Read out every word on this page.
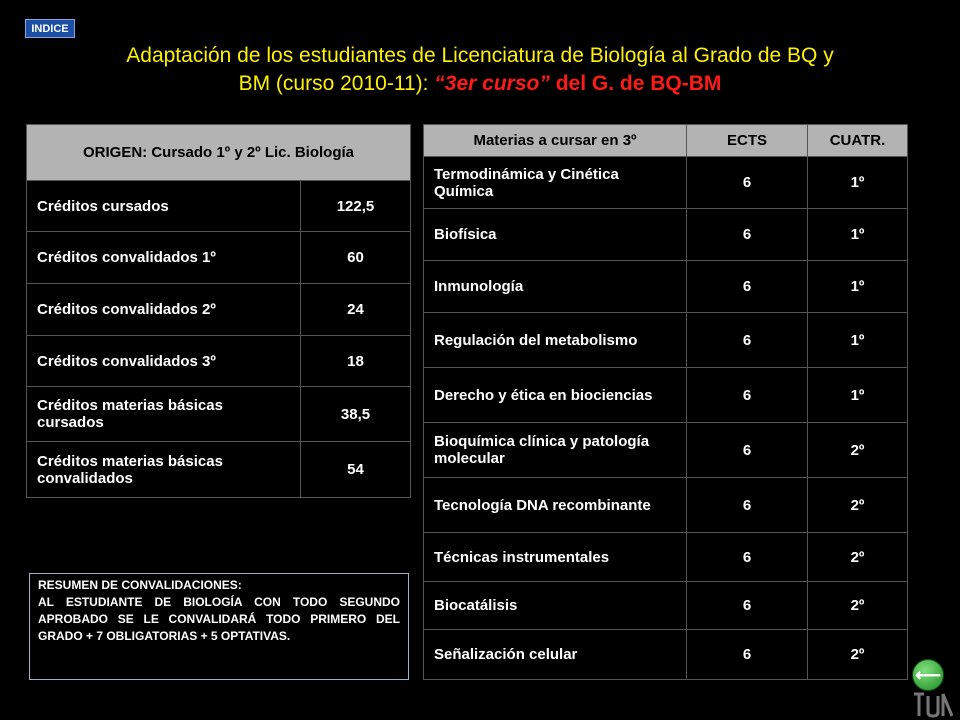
INDICE
Adaptación de los estudiantes de Licenciatura de Biología al Grado de BQ y
BM (curso 2010-11): “3er curso” del G. de BQ-BM
ORIGEN: Cursado 1º y 2º Lic. Biología	
Créditos cursados	122,5
Créditos convalidados 1º	60
Créditos convalidados 2º	24
Créditos convalidados 3º	18
Créditos materias básicas cursados	38,5
Créditos materias básicas convalidados	54
Materias a cursar en 3º	ECTS	CUATR.
Termodinámica y Cinética Química	6	1º
Biofísica	6	1º
Inmunología	6	1º
Regulación del metabolismo	6	1º
Derecho y ética en biociencias	6	1º
Bioquímica clínica y patología molecular	6	2º
Tecnología DNA recombinante	6	2º
Técnicas instrumentales	6	2º
Biocatálisis	6	2º
Señalización celular	6	2º
RESUMEN DE CONVALIDACIONES:
AL ESTUDIANTE DE BIOLOGÍA CON TODO SEGUNDO APROBADO SE LE CONVALIDARÁ TODO PRIMERO DEL GRADO + 7 OBLIGATORIAS + 5 OPTATIVAS.
⟵
